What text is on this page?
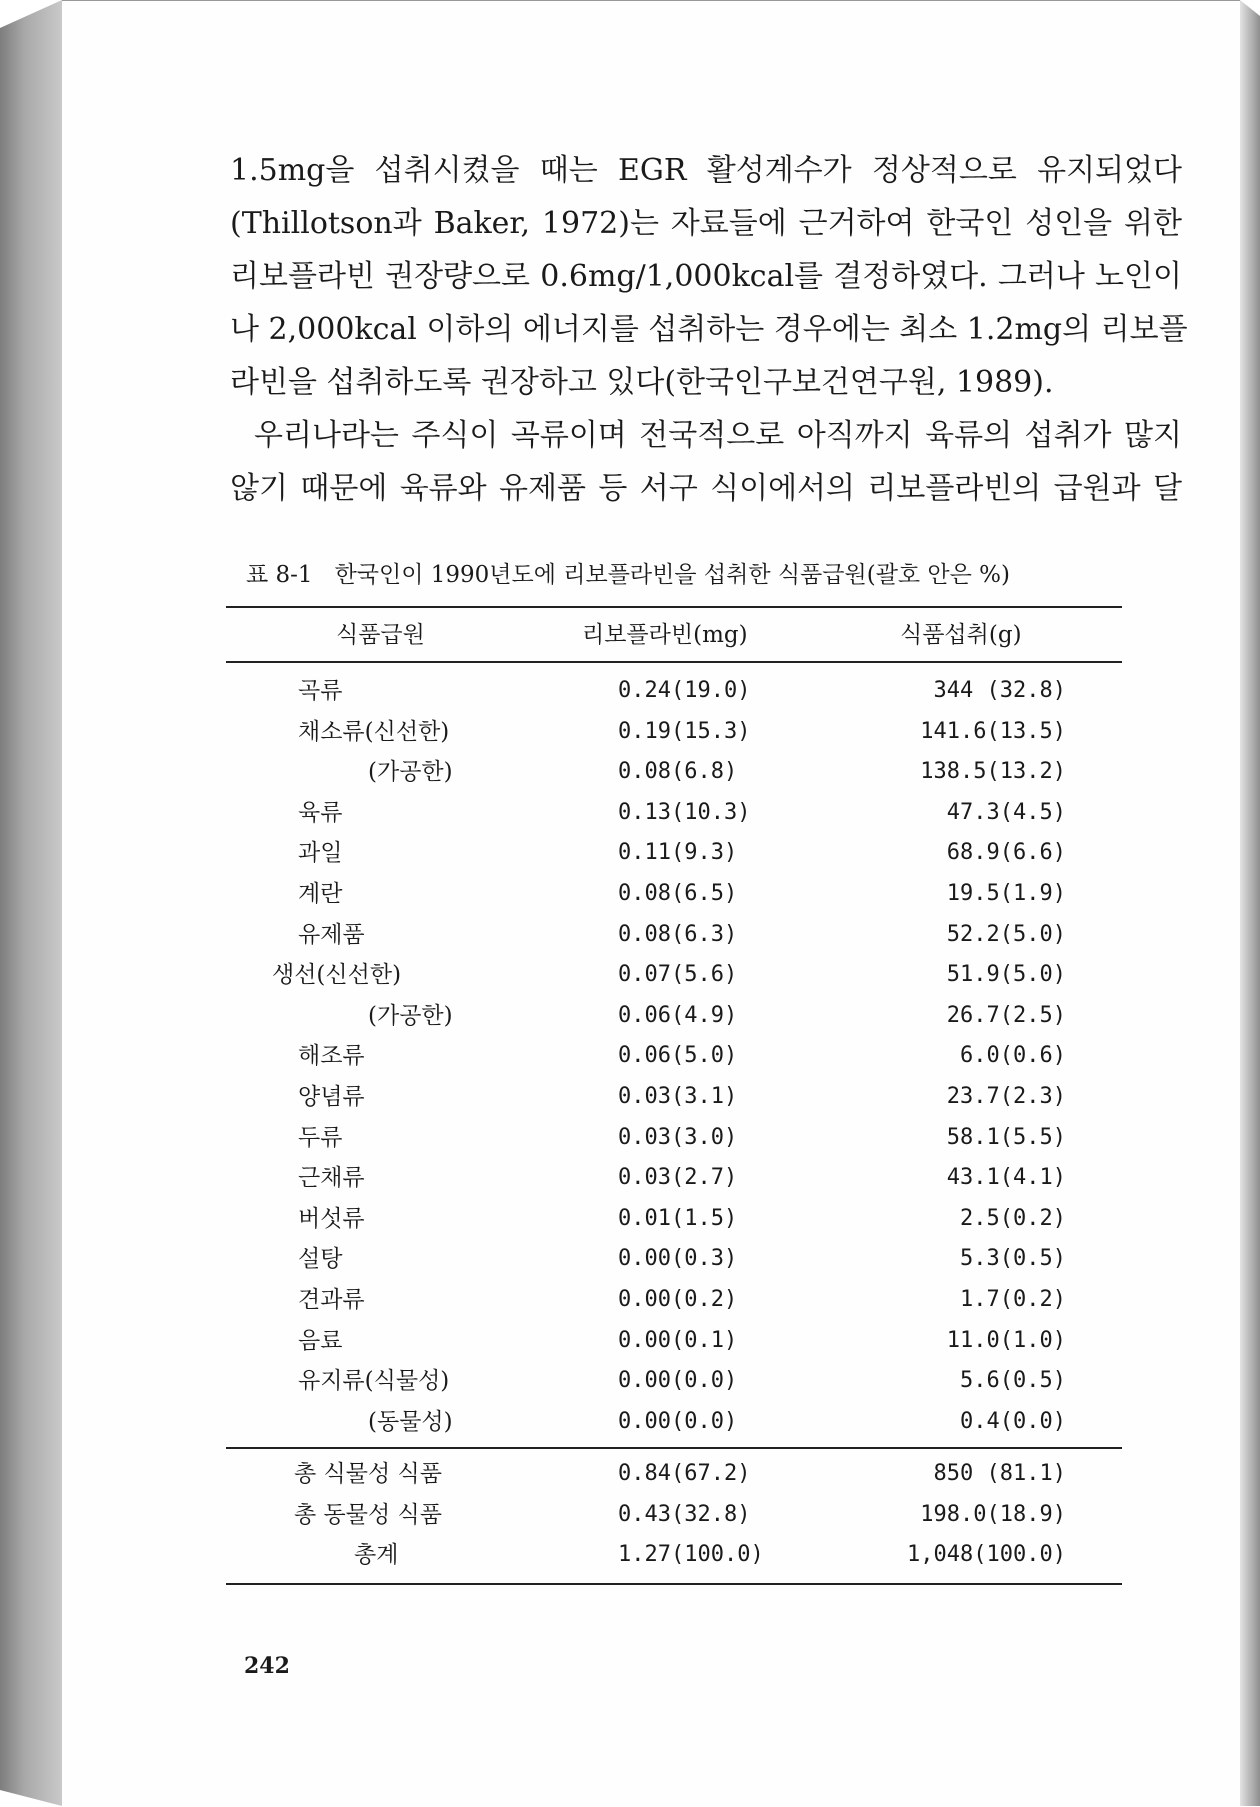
1.5mg을 섭취시켰을 때는 EGR 활성계수가 정상적으로 유지되었다
(Thillotson과 Baker, 1972)는 자료들에 근거하여 한국인 성인을 위한
리보플라빈 권장량으로 0.6mg/1,000kcal를 결정하였다. 그러나 노인이
나 2,000kcal 이하의 에너지를 섭취하는 경우에는 최소 1.2mg의 리보플
라빈을 섭취하도록 권장하고 있다(한국인구보건연구원, 1989).
우리나라는 주식이 곡류이며 전국적으로 아직까지 육류의 섭취가 많지
않기 때문에 육류와 유제품 등 서구 식이에서의 리보플라빈의 급원과 달
표 8-1 한국인이 1990년도에 리보플라빈을 섭취한 식품급원(괄호 안은 %)
식품급원	리보플라빈(mg)	식품섭취(g)
곡류	0.24(19.0)	344 (32.8)
채소류(신선한)	0.19(15.3)	141.6(13.5)
(가공한)	0.08(6.8)	138.5(13.2)
육류	0.13(10.3)	47.3(4.5)
과일	0.11(9.3)	68.9(6.6)
계란	0.08(6.5)	19.5(1.9)
유제품	0.08(6.3)	52.2(5.0)
생선(신선한)	0.07(5.6)	51.9(5.0)
(가공한)	0.06(4.9)	26.7(2.5)
해조류	0.06(5.0)	6.0(0.6)
양념류	0.03(3.1)	23.7(2.3)
두류	0.03(3.0)	58.1(5.5)
근채류	0.03(2.7)	43.1(4.1)
버섯류	0.01(1.5)	2.5(0.2)
설탕	0.00(0.3)	5.3(0.5)
견과류	0.00(0.2)	1.7(0.2)
음료	0.00(0.1)	11.0(1.0)
유지류(식물성)	0.00(0.0)	5.6(0.5)
(동물성)	0.00(0.0)	0.4(0.0)
총 식물성 식품	0.84(67.2)	850 (81.1)
총 동물성 식품	0.43(32.8)	198.0(18.9)
총계	1.27(100.0)	1,048(100.0)
242
